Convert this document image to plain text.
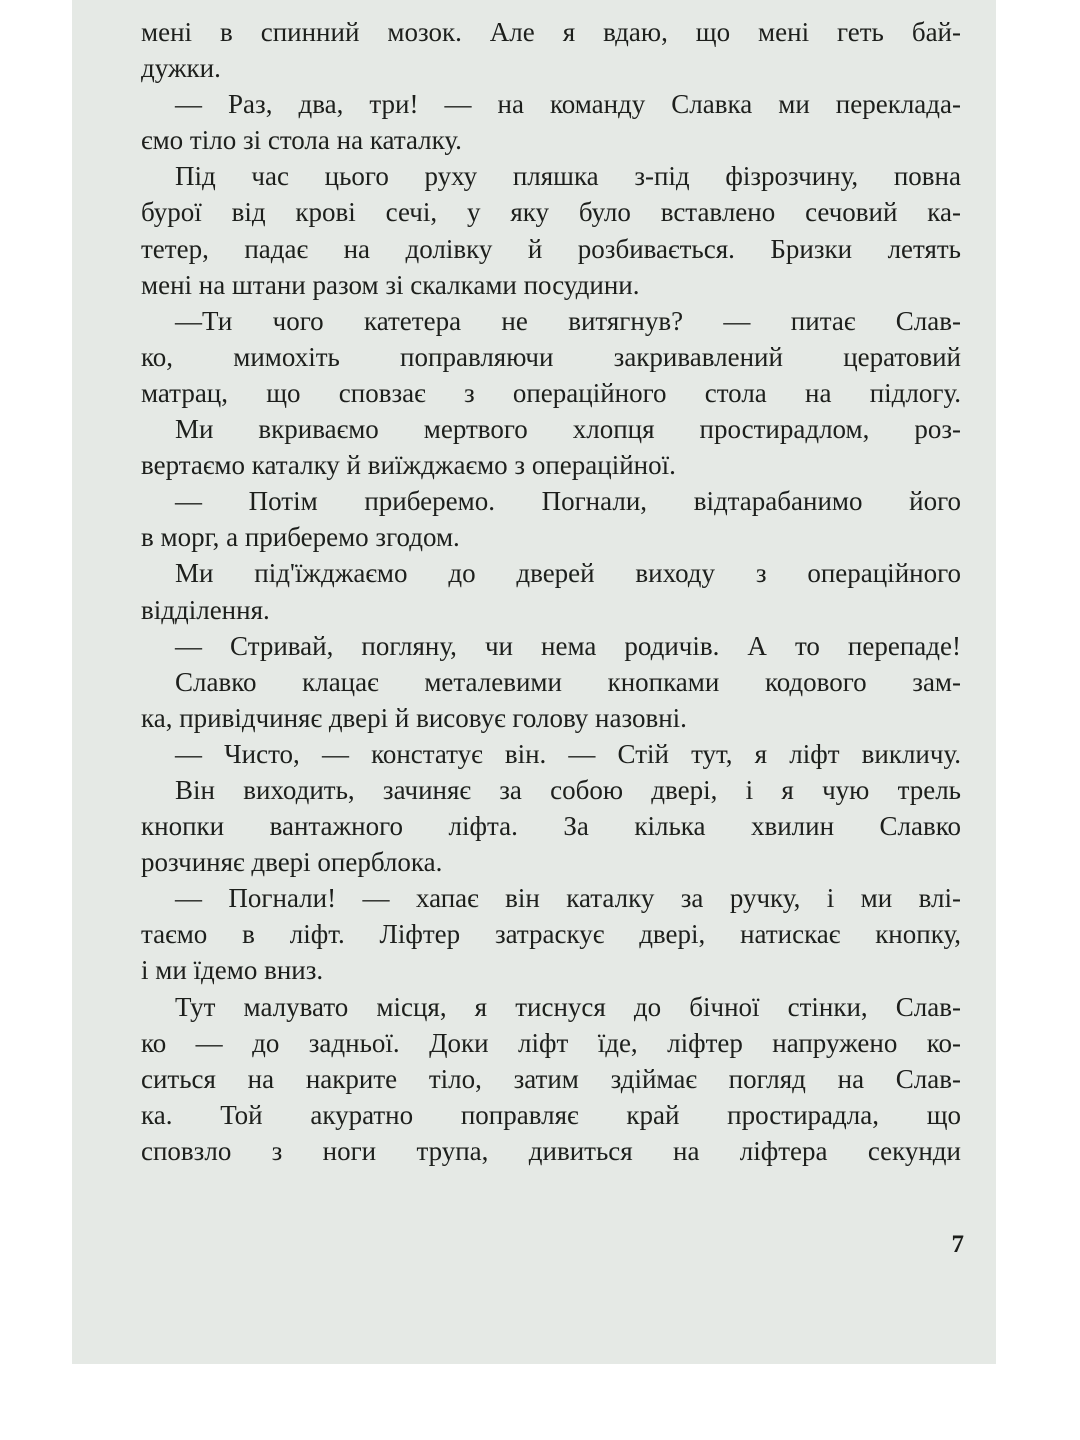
мені в спинний мозок. Але я вдаю, що мені геть бай-
дужки.
— Раз, два, три! — на команду Славка ми переклада-
ємо тіло зі стола на каталку.
Під час цього руху пляшка з-під фізрозчину, повна
бурої від крові сечі, у яку було вставлено сечовий ка-
тетер, падає на долівку й розбивається. Бризки летять
мені на штани разом зі скалками посудини.
—Ти чого катетера не витягнув? — питає Слав-
ко, мимохіть поправляючи закривавлений цератовий
матрац, що сповзає з операційного стола на підлогу.
Ми вкриваємо мертвого хлопця простирадлом, роз-
вертаємо каталку й виїжджаємо з операційної.
— Потім приберемо. Погнали, відтарабанимо його
в морг, а приберемо згодом.
Ми під'їжджаємо до дверей виходу з операційного
відділення.
— Стривай, погляну, чи нема родичів. А то перепаде!
Славко клацає металевими кнопками кодового зам-
ка, привідчиняє двері й висовує голову назовні.
— Чисто, — констатує він. — Стій тут, я ліфт викличу.
Він виходить, зачиняє за собою двері, і я чую трель
кнопки вантажного ліфта. За кілька хвилин Славко
розчиняє двері оперблока.
— Погнали! — хапає він каталку за ручку, і ми влі-
таємо в ліфт. Ліфтер затраскує двері, натискає кнопку,
і ми їдемо вниз.
Тут малувато місця, я тиснуся до бічної стінки, Слав-
ко — до задньої. Доки ліфт їде, ліфтер напружено ко-
ситься на накрите тіло, затим здіймає погляд на Слав-
ка. Той акуратно поправляє край простирадла, що
сповзло з ноги трупа, дивиться на ліфтера секунди
7
